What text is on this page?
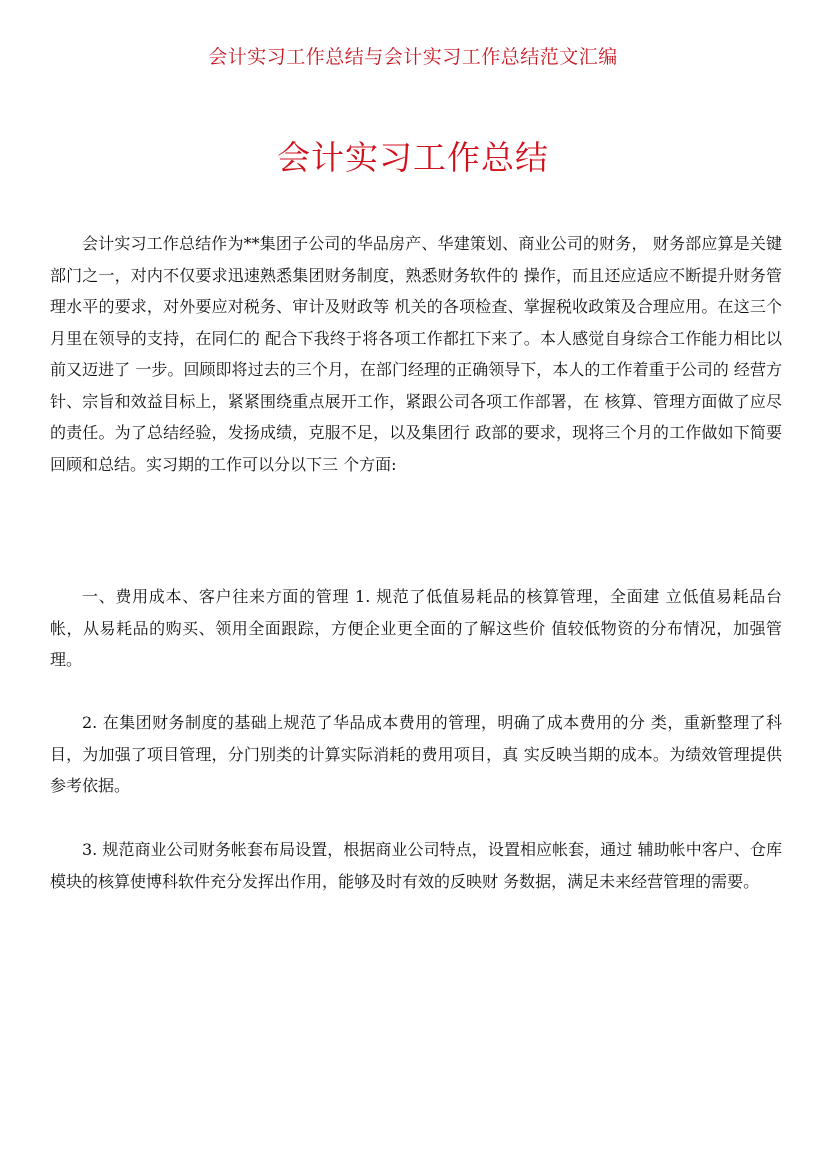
会计实习工作总结与会计实习工作总结范文汇编
会计实习工作总结

会计实习工作总结作为**集团子公司的华品房产、华建策划、商业公司的财务， 财务部应算是关键部门之一，对内不仅要求迅速熟悉集团财务制度，熟悉财务软件的 操作，而且还应适应不断提升财务管理水平的要求，对外要应对税务、审计及财政等 机关的各项检查、掌握税收政策及合理应用。在这三个月里在领导的支持，在同仁的 配合下我终于将各项工作都扛下来了。本人感觉自身综合工作能力相比以前又迈进了 一步。回顾即将过去的三个月，在部门经理的正确领导下，本人的工作着重于公司的 经营方针、宗旨和效益目标上，紧紧围绕重点展开工作，紧跟公司各项工作部署，在 核算、管理方面做了应尽的责任。为了总结经验，发扬成绩，克服不足，以及集团行 政部的要求，现将三个月的工作做如下简要回顾和总结。实习期的工作可以分以下三 个方面:

一、费用成本、客户往来方面的管理 1. 规范了低值易耗品的核算管理，全面建 立低值易耗品台帐，从易耗品的购买、领用全面跟踪，方便企业更全面的了解这些价 值较低物资的分布情况，加强管理。

2. 在集团财务制度的基础上规范了华品成本费用的管理，明确了成本费用的分 类，重新整理了科目，为加强了项目管理，分门别类的计算实际消耗的费用项目，真 实反映当期的成本。为绩效管理提供参考依据。

3. 规范商业公司财务帐套布局设置，根据商业公司特点，设置相应帐套，通过 辅助帐中客户、仓库模块的核算使博科软件充分发挥出作用，能够及时有效的反映财 务数据，满足未来经营管理的需要。
